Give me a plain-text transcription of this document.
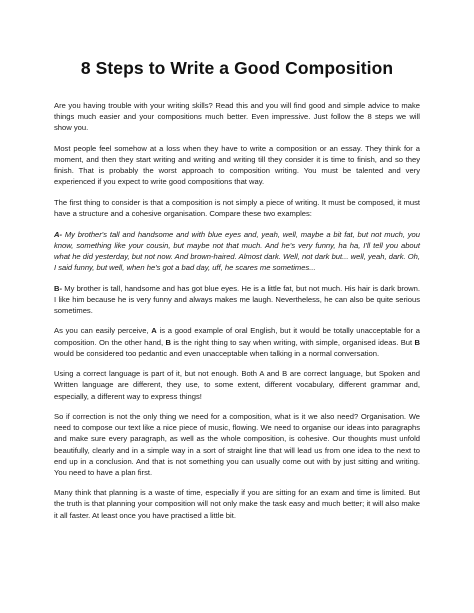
8 Steps to Write a Good Composition

Are you having trouble with your writing skills? Read this and you will find good and simple advice to make things much easier and your compositions much better. Even impressive. Just follow the 8 steps we will show you.

Most people feel somehow at a loss when they have to write a composition or an essay. They think for a moment, and then they start writing and writing and writing till they consider it is time to finish, and so they finish. That is probably the worst approach to composition writing. You must be talented and very experienced if you expect to write good compositions that way.

The first thing to consider is that a composition is not simply a piece of writing. It must be composed, it must have a structure and a cohesive organisation. Compare these two examples:

A- My brother's tall and handsome and with blue eyes and, yeah, well, maybe a bit fat, but not much, you know, something like your cousin, but maybe not that much. And he's very funny, ha ha, I'll tell you about what he did yesterday, but not now. And brown-haired. Almost dark. Well, not dark but... well, yeah, dark. Oh, I said funny, but well, when he's got a bad day, uff, he scares me sometimes...

B- My brother is tall, handsome and has got blue eyes. He is a little fat, but not much. His hair is dark brown. I like him because he is very funny and always makes me laugh. Nevertheless, he can also be quite serious sometimes.

As you can easily perceive, A is a good example of oral English, but it would be totally unacceptable for a composition. On the other hand, B is the right thing to say when writing, with simple, organised ideas. But B would be considered too pedantic and even unacceptable when talking in a normal conversation.

Using a correct language is part of it, but not enough. Both A and B are correct language, but Spoken and Written language are different, they use, to some extent, different vocabulary, different grammar and, especially, a different way to express things!

So if correction is not the only thing we need for a composition, what is it we also need? Organisation. We need to compose our text like a nice piece of music, flowing. We need to organise our ideas into paragraphs and make sure every paragraph, as well as the whole composition, is cohesive. Our thoughts must unfold beautifully, clearly and in a simple way in a sort of straight line that will lead us from one idea to the next to end up in a conclusion. And that is not something you can usually come out with by just sitting and writing. You need to have a plan first.

Many think that planning is a waste of time, especially if you are sitting for an exam and time is limited. But the truth is that planning your composition will not only make the task easy and much better; it will also make it all faster. At least once you have practised a little bit.
